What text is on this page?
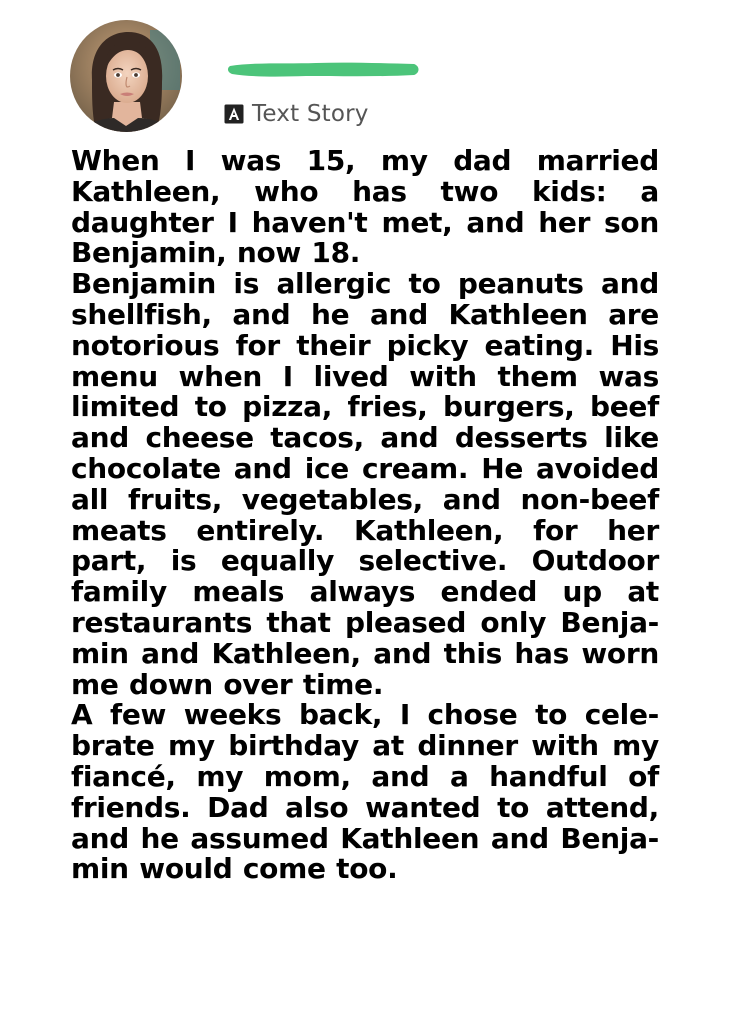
Text Story

When I was 15, my dad married Kathleen, who has two kids: a daughter I haven't met, and her son Benjamin, now 18.

Benjamin is allergic to peanuts and shellfish, and he and Kathleen are notorious for their picky eating. His menu when I lived with them was limited to pizza, fries, burgers, beef and cheese tacos, and desserts like chocolate and ice cream. He avoided all fruits, vegetables, and non-beef meats entirely. Kathleen, for her part, is equally selective. Outdoor family meals always ended up at restaurants that pleased only Benja-min and Kathleen, and this has worn me down over time.

A few weeks back, I chose to cele-brate my birthday at dinner with my fiancé, my mom, and a handful of friends. Dad also wanted to attend, and he assumed Kathleen and Benja-min would come too.
